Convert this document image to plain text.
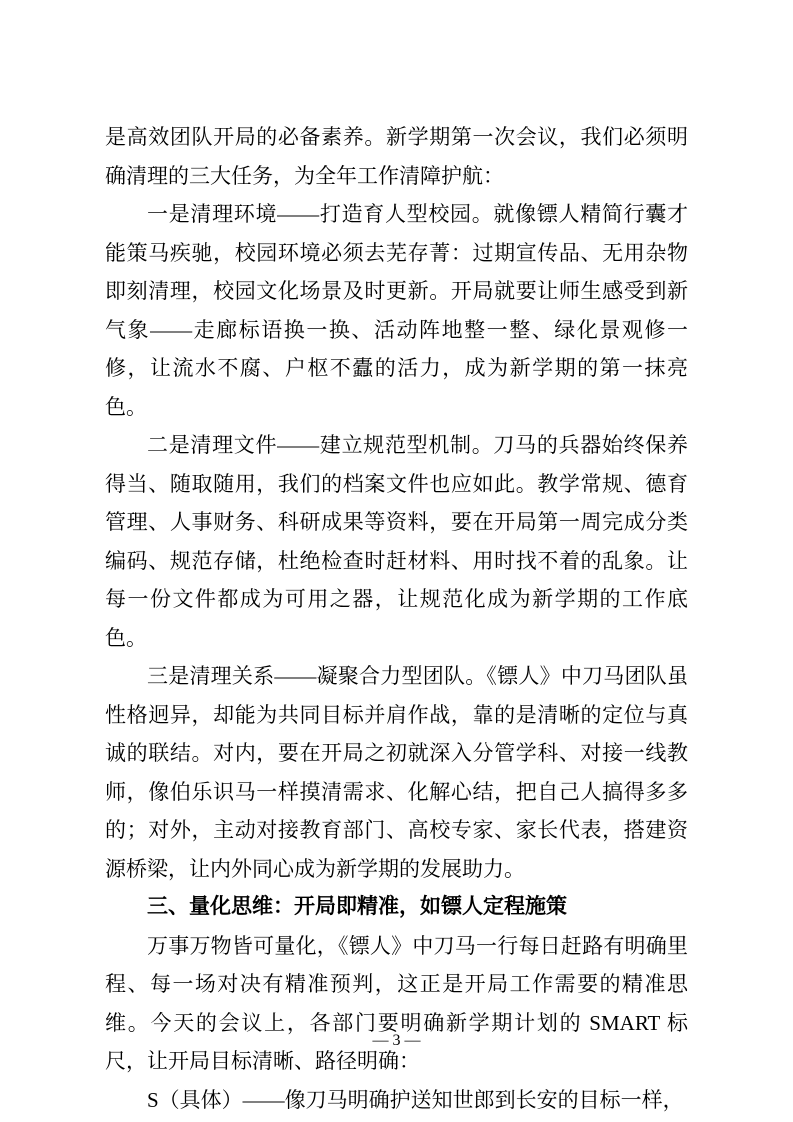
是高效团队开局的必备素养。新学期第一次会议，我们必须明确清理的三大任务，为全年工作清障护航：

一是清理环境——打造育人型校园。就像镖人精简行囊才能策马疾驰，校园环境必须去芜存菁：过期宣传品、无用杂物即刻清理，校园文化场景及时更新。开局就要让师生感受到新气象——走廊标语换一换、活动阵地整一整、绿化景观修一修，让流水不腐、户枢不蠹的活力，成为新学期的第一抹亮色。

二是清理文件——建立规范型机制。刀马的兵器始终保养得当、随取随用，我们的档案文件也应如此。教学常规、德育管理、人事财务、科研成果等资料，要在开局第一周完成分类编码、规范存储，杜绝检查时赶材料、用时找不着的乱象。让每一份文件都成为可用之器，让规范化成为新学期的工作底色。

三是清理关系——凝聚合力型团队。《镖人》中刀马团队虽性格迥异，却能为共同目标并肩作战，靠的是清晰的定位与真诚的联结。对内，要在开局之初就深入分管学科、对接一线教师，像伯乐识马一样摸清需求、化解心结，把自己人搞得多多的；对外，主动对接教育部门、高校专家、家长代表，搭建资源桥梁，让内外同心成为新学期的发展助力。

三、量化思维：开局即精准，如镖人定程施策

万事万物皆可量化，《镖人》中刀马一行每日赶路有明确里程、每一场对决有精准预判，这正是开局工作需要的精准思维。今天的会议上，各部门要明确新学期计划的 SMART 标尺，让开局目标清晰、路径明确：

S（具体）——像刀马明确护送知世郎到长安的目标一样，

— 3 —
